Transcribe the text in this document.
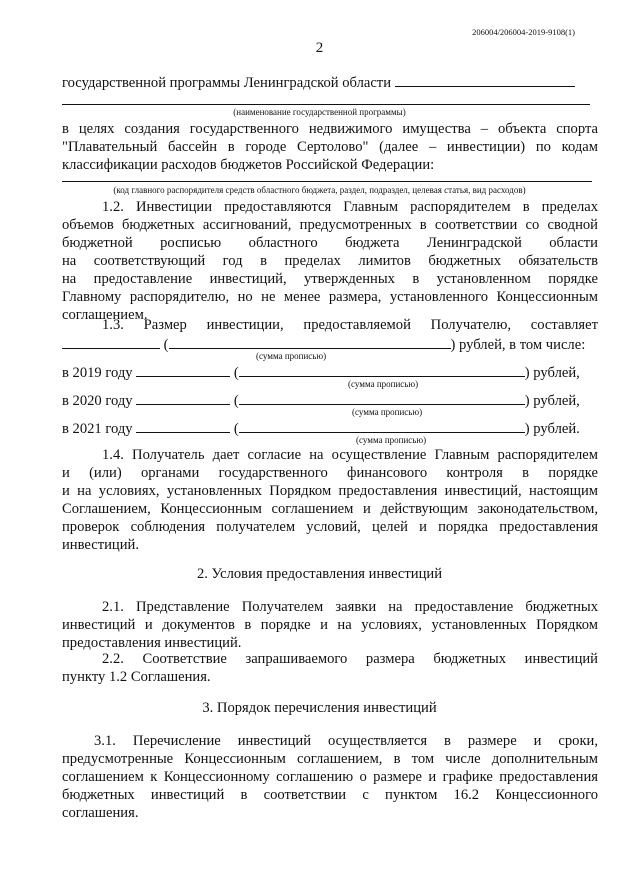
206004/206004-2019-9108(1)
2
государственной программы Ленинградской области
(наименование государственной программы)
в целях создания государственного недвижимого имущества – объекта спорта
"Плавательный бассейн в городе Сертолово" (далее – инвестиции) по кодам
классификации расходов бюджетов Российской Федерации:
(код главного распорядителя средств областного бюджета, раздел, подраздел, целевая статья, вид расходов)
1.2. Инвестиции предоставляются Главным распорядителем в пределах
объемов бюджетных ассигнований, предусмотренных в соответствии со сводной
бюджетной росписью областного бюджета Ленинградской области
на соответствующий год в пределах лимитов бюджетных обязательств
на предоставление инвестиций, утвержденных в установленном порядке
Главному распорядителю, но не менее размера, установленного Концессионным
соглашением.
1.3. Размер инвестиции, предоставляемой Получателю, составляет
(	) рублей, в том числе:
(сумма прописью)
в 2019 году	(	) рублей,
(сумма прописью)
в 2020 году	(	) рублей,
(сумма прописью)
в 2021 году	(	) рублей.
(сумма прописью)
1.4. Получатель дает согласие на осуществление Главным распорядителем
и (или) органами государственного финансового контроля в порядке
и на условиях, установленных Порядком предоставления инвестиций, настоящим
Соглашением, Концессионным соглашением и действующим законодательством,
проверок соблюдения получателем условий, целей и порядка предоставления
инвестиций.
2. Условия предоставления инвестиций
2.1. Представление Получателем заявки на предоставление бюджетных
инвестиций и документов в порядке и на условиях, установленных Порядком
предоставления инвестиций.
2.2. Соответствие запрашиваемого размера бюджетных инвестиций
пункту 1.2 Соглашения.
3. Порядок перечисления инвестиций
3.1. Перечисление инвестиций осуществляется в размере и сроки,
предусмотренные Концессионным соглашением, в том числе дополнительным
соглашением к Концессионному соглашению о размере и графике предоставления
бюджетных инвестиций в соответствии с пунктом 16.2 Концессионного
соглашения.
